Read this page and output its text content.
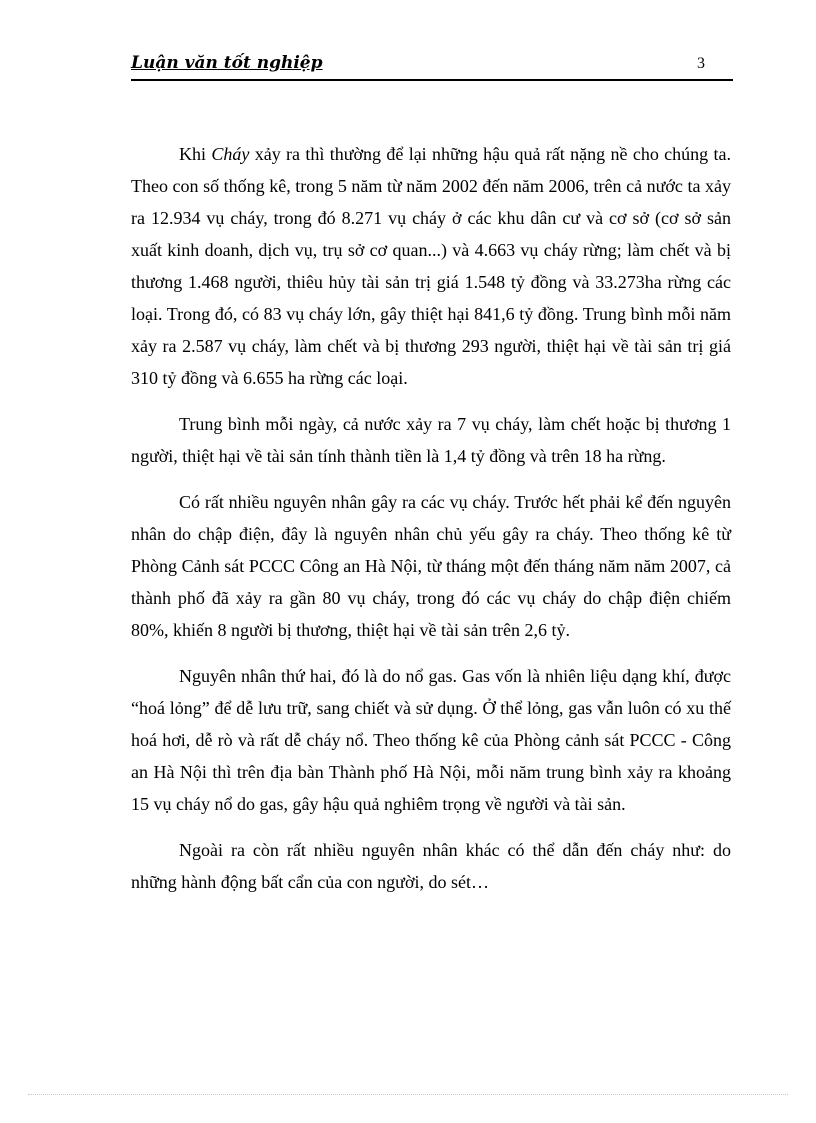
Luận văn tốt nghiệp	3

Khi Cháy xảy ra thì thường để lại những hậu quả rất nặng nề cho chúng ta. Theo con số thống kê, trong 5 năm từ năm 2002 đến năm 2006, trên cả nước ta xảy ra 12.934 vụ cháy, trong đó 8.271 vụ cháy ở các khu dân cư và cơ sở (cơ sở sản xuất kinh doanh, dịch vụ, trụ sở cơ quan...) và 4.663 vụ cháy rừng; làm chết và bị thương 1.468 người, thiêu hủy tài sản trị giá 1.548 tỷ đồng và 33.273ha rừng các loại. Trong đó, có 83 vụ cháy lớn, gây thiệt hại 841,6 tỷ đồng. Trung bình mỗi năm xảy ra 2.587 vụ cháy, làm chết và bị thương 293 người, thiệt hại về tài sản trị giá 310 tỷ đồng và 6.655 ha rừng các loại.

Trung bình mỗi ngày, cả nước xảy ra 7 vụ cháy, làm chết hoặc bị thương 1 người, thiệt hại về tài sản tính thành tiền là 1,4 tỷ đồng và trên 18 ha rừng.

Có rất nhiều nguyên nhân gây ra các vụ cháy. Trước hết phải kể đến nguyên nhân do chập điện, đây là nguyên nhân chủ yếu gây ra cháy. Theo thống kê từ Phòng Cảnh sát PCCC Công an Hà Nội, từ tháng một đến tháng năm năm 2007, cả thành phố đã xảy ra gần 80 vụ cháy, trong đó các vụ cháy do chập điện chiếm 80%, khiến 8 người bị thương, thiệt hại về tài sản trên 2,6 tỷ.

Nguyên nhân thứ hai, đó là do nổ gas. Gas vốn là nhiên liệu dạng khí, được “hoá lỏng” để dễ lưu trữ, sang chiết và sử dụng. Ở thể lỏng, gas vẫn luôn có xu thế hoá hơi, dễ rò và rất dễ cháy nổ. Theo thống kê của Phòng cảnh sát PCCC - Công an Hà Nội thì trên địa bàn Thành phố Hà Nội, mỗi năm trung bình xảy ra khoảng 15 vụ cháy nổ do gas, gây hậu quả nghiêm trọng về người và tài sản.

Ngoài ra còn rất nhiều nguyên nhân khác có thể dẫn đến cháy như: do những hành động bất cẩn của con người, do sét…
